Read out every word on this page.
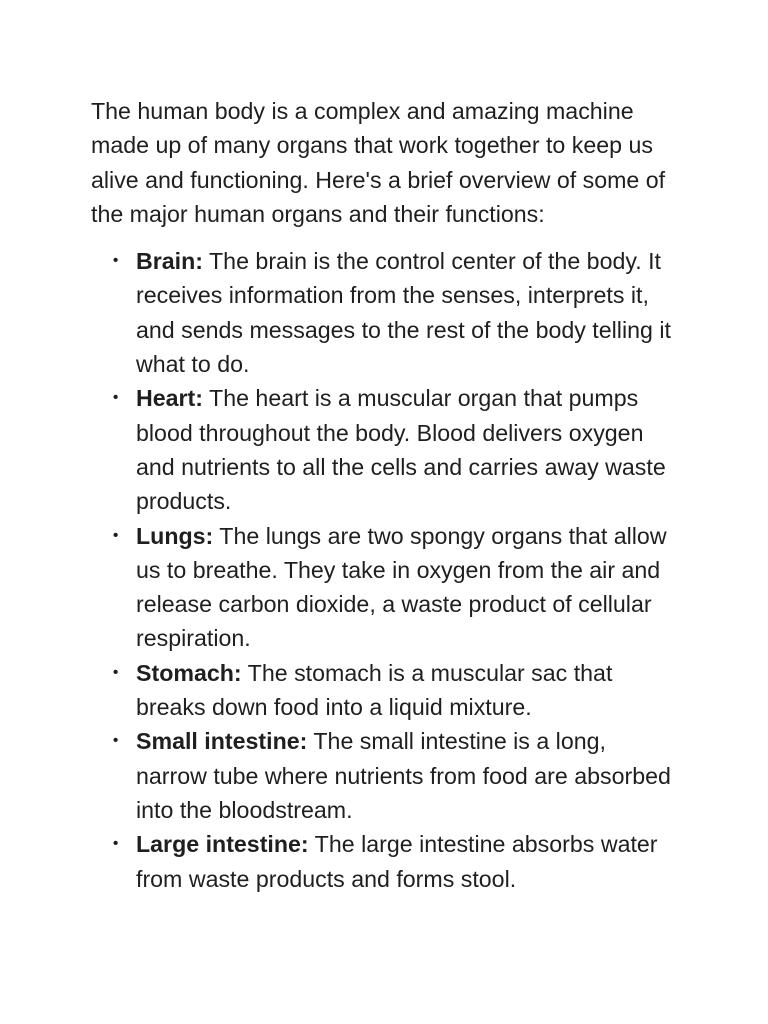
The human body is a complex and amazing machine made up of many organs that work together to keep us alive and functioning. Here's a brief overview of some of the major human organs and their functions:

• Brain: The brain is the control center of the body. It receives information from the senses, interprets it, and sends messages to the rest of the body telling it what to do.
• Heart: The heart is a muscular organ that pumps blood throughout the body. Blood delivers oxygen and nutrients to all the cells and carries away waste products.
• Lungs: The lungs are two spongy organs that allow us to breathe. They take in oxygen from the air and release carbon dioxide, a waste product of cellular respiration.
• Stomach: The stomach is a muscular sac that breaks down food into a liquid mixture.
• Small intestine: The small intestine is a long, narrow tube where nutrients from food are absorbed into the bloodstream.
• Large intestine: The large intestine absorbs water from waste products and forms stool.
